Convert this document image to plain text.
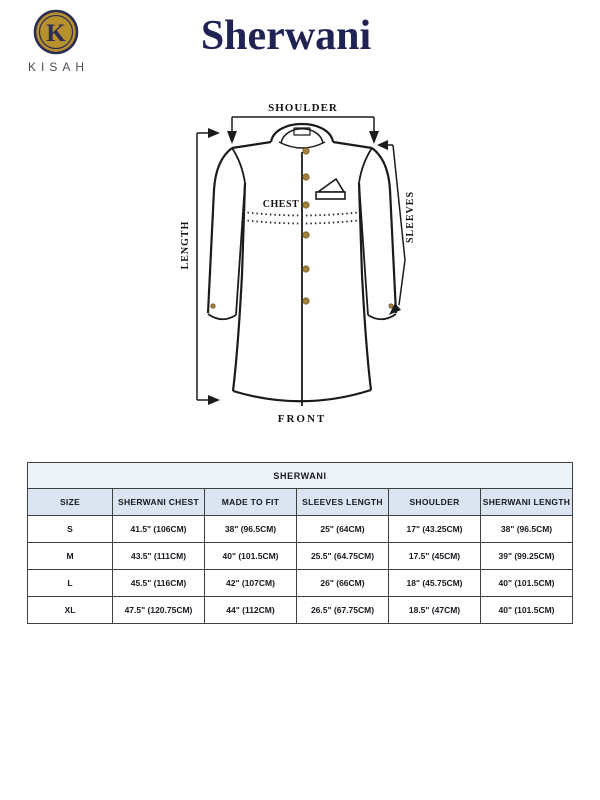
K
KISAH
Sherwani
SHOULDER
CHEST
LENGTH
SLEEVES
FRONT
SHERWANI					
SIZE	SHERWANI CHEST	MADE TO FIT	SLEEVES LENGTH	SHOULDER	SHERWANI LENGTH
S	41.5" (106CM)	38" (96.5CM)	25" (64CM)	17" (43.25CM)	38" (96.5CM)
M	43.5" (111CM)	40" (101.5CM)	25.5" (64.75CM)	17.5" (45CM)	39" (99.25CM)
L	45.5" (116CM)	42" (107CM)	26" (66CM)	18" (45.75CM)	40" (101.5CM)
XL	47.5" (120.75CM)	44" (112CM)	26.5" (67.75CM)	18.5" (47CM)	40" (101.5CM)
